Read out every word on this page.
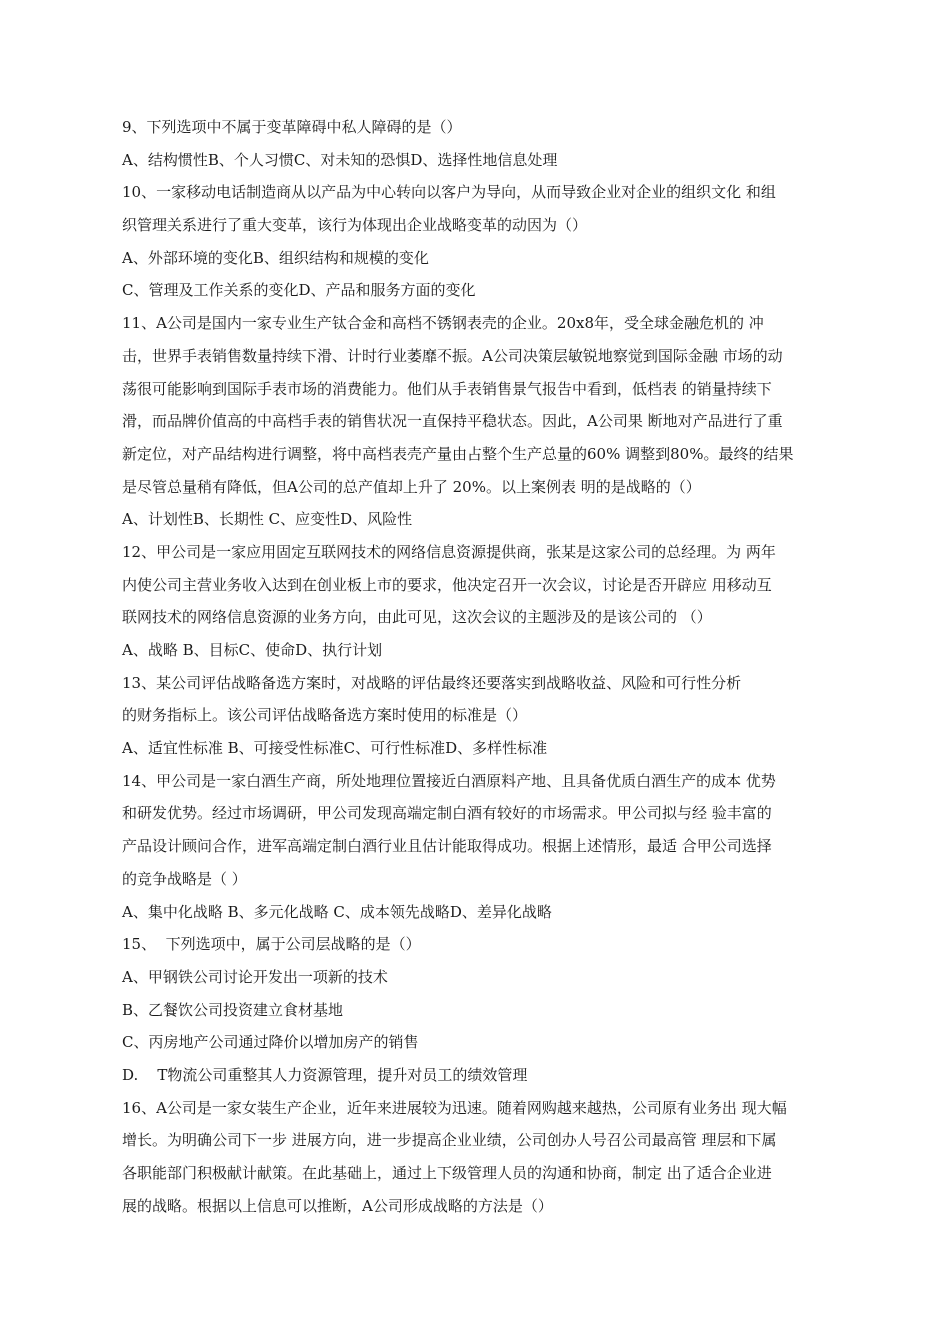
9、下列选项中不属于变革障碍中私人障碍的是（）
A、结构惯性B、个人习惯C、对未知的恐惧D、选择性地信息处理
10、一家移动电话制造商从以产品为中心转向以客户为导向，从而导致企业对企业的组织文化 和组
织管理关系进行了重大变革，该行为体现出企业战略变革的动因为（）
A、外部环境的变化B、组织结构和规模的变化
C、管理及工作关系的变化D、产品和服务方面的变化
11、A公司是国内一家专业生产钛合金和高档不锈钢表壳的企业。20x8年，受全球金融危机的 冲
击，世界手表销售数量持续下滑、计时行业萎靡不振。A公司决策层敏锐地察觉到国际金融 市场的动
荡很可能影响到国际手表市场的消费能力。他们从手表销售景气报告中看到，低档表 的销量持续下
滑，而品牌价值高的中高档手表的销售状况一直保持平稳状态。因此，A公司果 断地对产品进行了重
新定位，对产品结构进行调整，将中高档表壳产量由占整个生产总量的60% 调整到80%。最终的结果
是尽管总量稍有降低，但A公司的总产值却上升了 20%。以上案例表 明的是战略的（）
A、计划性B、长期性 C、应变性D、风险性
12、甲公司是一家应用固定互联网技术的网络信息资源提供商，张某是这家公司的总经理。为 两年
内使公司主营业务收入达到在创业板上市的要求，他决定召开一次会议，讨论是否开辟应 用移动互
联网技术的网络信息资源的业务方向，由此可见，这次会议的主题涉及的是该公司的 （）
A、战略 B、目标C、使命D、执行计划
13、某公司评估战略备选方案时，对战略的评估最终还要落实到战略收益、风险和可行性分析
的财务指标上。该公司评估战略备选方案时使用的标准是（）
A、适宜性标准 B、可接受性标准C、可行性标准D、多样性标准
14、甲公司是一家白酒生产商，所处地理位置接近白酒原料产地、且具备优质白酒生产的成本 优势
和研发优势。经过市场调研，甲公司发现高端定制白酒有较好的市场需求。甲公司拟与经 验丰富的
产品设计顾问合作，进军高端定制白酒行业且估计能取得成功。根据上述情形，最适 合甲公司选择
的竞争战略是（ ）
A、集中化战略 B、多元化战略 C、成本领先战略D、差异化战略
15、  下列选项中，属于公司层战略的是（）
A、甲钢铁公司讨论开发出一项新的技术
B、乙餐饮公司投资建立食材基地
C、丙房地产公司通过降价以增加房产的销售
D.    T物流公司重整其人力资源管理，提升对员工的绩效管理
16、A公司是一家女装生产企业，近年来进展较为迅速。随着网购越来越热，公司原有业务出 现大幅
增长。为明确公司下一步 进展方向，进一步提高企业业绩，公司创办人号召公司最高管 理层和下属
各职能部门积极献计献策。在此基础上，通过上下级管理人员的沟通和协商，制定 出了适合企业进
展的战略。根据以上信息可以推断，A公司形成战略的方法是（）
